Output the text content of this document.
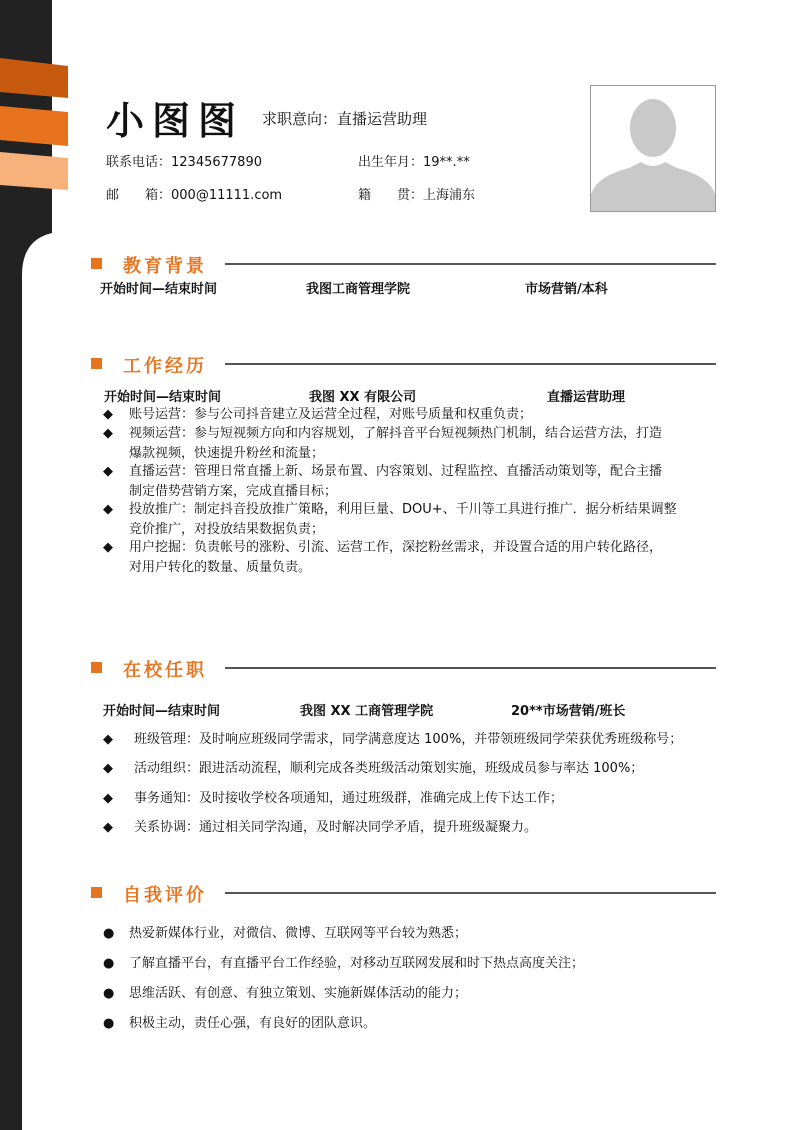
小图图 求职意向：直播运营助理
联系电话：12345677890	出生年月：19**.**
邮　　箱：000@11111.com	籍　　贯：上海浦东
教育背景
开始时间—结束时间	我图工商管理学院	市场营销/本科
工作经历
开始时间—结束时间	我图 XX 有限公司	直播运营助理
◆ 账号运营：参与公司抖音建立及运营全过程，对账号质量和权重负责；
◆ 视频运营：参与短视频方向和内容规划，了解抖音平台短视频热门机制，结合运营方法，打造
爆款视频，快速提升粉丝和流量；
◆ 直播运营：管理日常直播上新、场景布置、内容策划、过程监控、直播活动策划等，配合主播
制定借势营销方案，完成直播目标；
◆ 投放推广：制定抖音投放推广策略，利用巨量、DOU+、千川等工具进行推广．据分析结果调整
竞价推广，对投放结果数据负责；
◆ 用户挖掘：负责帐号的涨粉、引流、运营工作，深挖粉丝需求，并设置合适的用户转化路径，
对用户转化的数量、质量负责。
在校任职
开始时间—结束时间	我图 XX 工商管理学院	20**市场营销/班长
◆ 班级管理：及时响应班级同学需求，同学满意度达 100%，并带领班级同学荣获优秀班级称号；
◆ 活动组织：跟进活动流程，顺利完成各类班级活动策划实施，班级成员参与率达 100%；
◆ 事务通知：及时接收学校各项通知，通过班级群，准确完成上传下达工作；
◆ 关系协调：通过相关同学沟通，及时解决同学矛盾，提升班级凝聚力。
自我评价
● 热爱新媒体行业，对微信、微博、互联网等平台较为熟悉；
● 了解直播平台，有直播平台工作经验，对移动互联网发展和时下热点高度关注；
● 思维活跃、有创意、有独立策划、实施新媒体活动的能力；
● 积极主动，责任心强，有良好的团队意识。
